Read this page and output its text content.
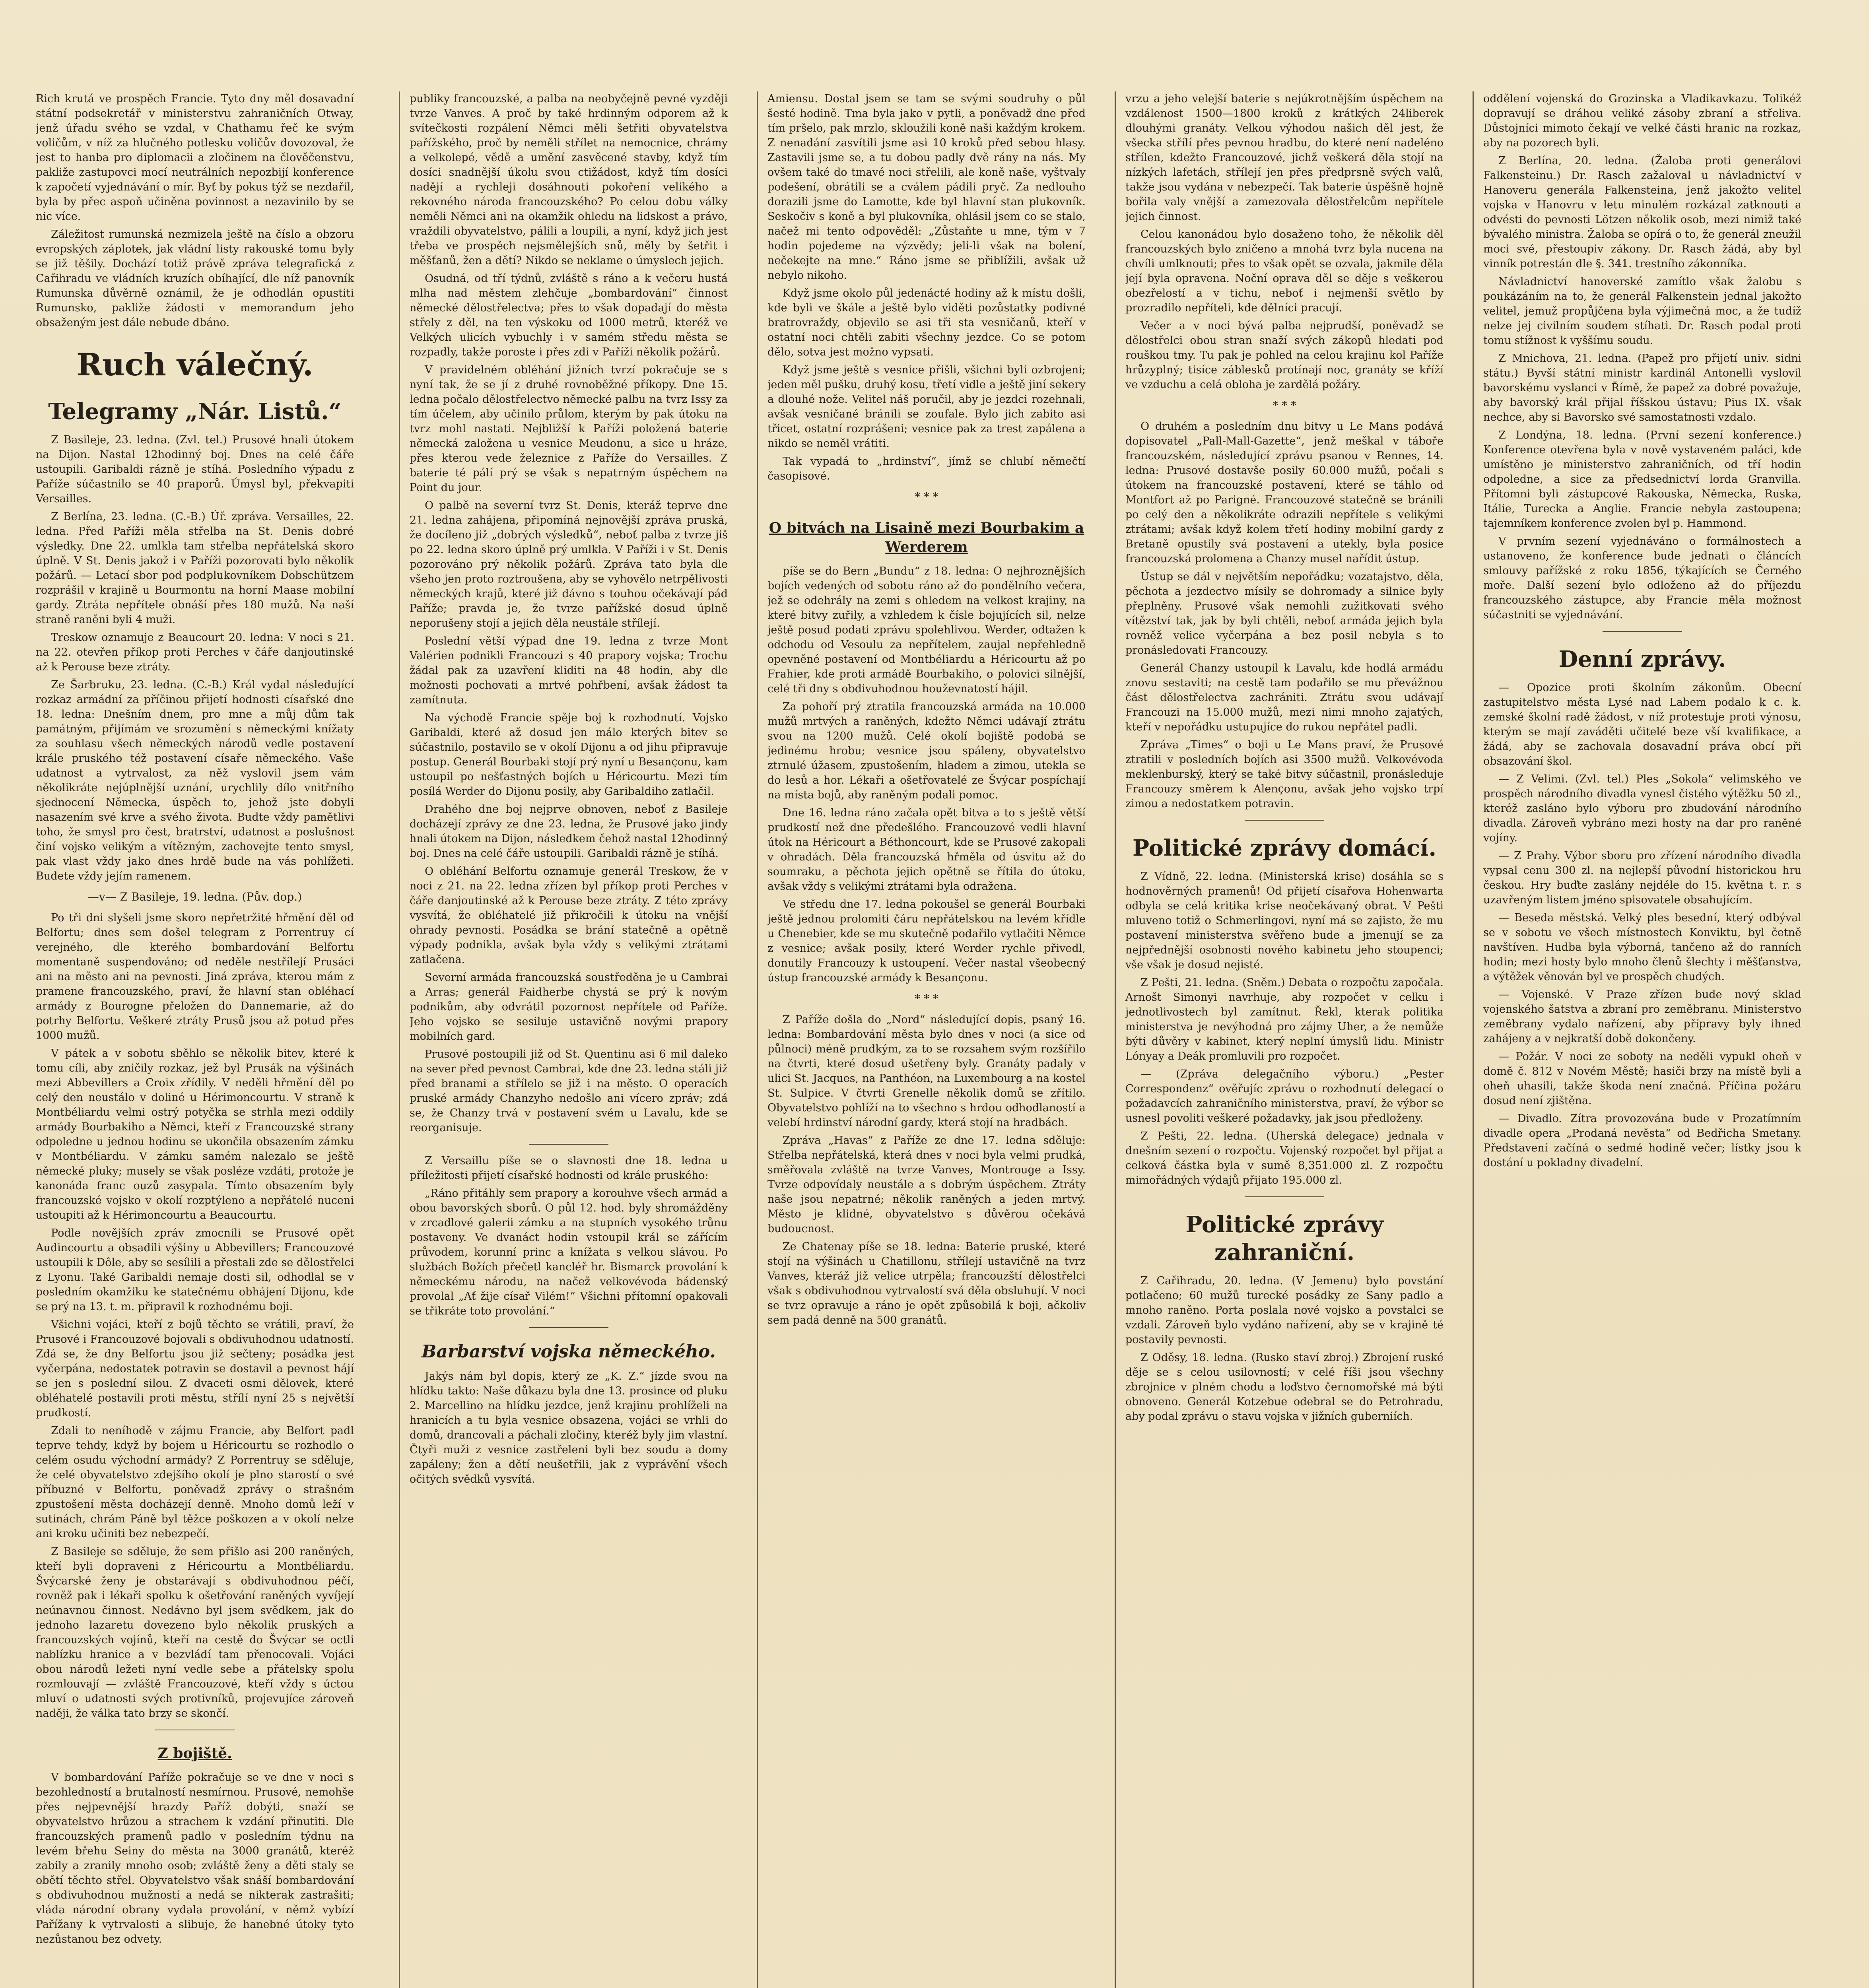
Rich krutá ve prospěch Francie. Tyto dny měl dosavadní státní podsekretář v ministerstvu zahraničních Otway, jenž úřadu svého se vzdal, v Chathamu řeč ke svým voličům, v níž za hlučného potlesku voličův dovozoval, že jest to hanba pro diplomacii a zločinem na člověčenstvu, pakliže zastupovci mocí neutrálních nepozbijí konference k započetí vyjednávání o mír. Byť by pokus týž se nezdařil, byla by přec aspoň učiněna povinnost a nezavinilo by se nic více.

Záležitost rumunská nezmizela ještě na číslo a obzoru evropských záplotek, jak vládní listy rakouské tomu byly se již těšily. Dochází totiž právě zpráva telegrafická z Cařihradu ve vládních kruzích obíhající, dle níž panovník Rumunska důvěrně oznámil, že je odhodlán opustiti Rumunsko, pakliže žádosti v memorandum jeho obsaženým jest dále nebude dbáno.

Ruch válečný.
Telegramy „Nár. Listů.“

Z Basileje, 23. ledna. (Zvl. tel.) Prusové hnali útokem na Dijon. Nastal 12hodinný boj. Dnes na celé čáře ustoupili. Garibaldi rázně je stíhá. Posledního výpadu z Paříže súčastnilo se 40 praporů. Úmysl byl, překvapiti Versailles.

Z Berlína, 23. ledna. (C.-B.) Úř. zpráva. Versailles, 22. ledna. Před Paříži měla střelba na St. Denis dobré výsledky. Dne 22. umlkla tam střelba nepřátelská skoro úplně. V St. Denis jakož i v Paříži pozorovati bylo několik požárů. — Letací sbor pod podplukovníkem Dobschützem rozprášil v krajině u Bourmontu na horní Maase mobilní gardy. Ztráta nepřítele obnáší přes 180 mužů. Na naší straně raněni byli 4 muži.

Treskow oznamuje z Beaucourt 20. ledna: V noci s 21. na 22. otevřen příkop proti Perches v čáře danjoutinské až k Perouse beze ztráty.

Ze Šarbruku, 23. ledna. (C.-B.) Král vydal následující rozkaz armádní za příčinou přijetí hodnosti císařské dne 18. ledna: Dnešním dnem, pro mne a můj dům tak památným, přijímám ve srozumění s německými knížaty za souhlasu všech německých národů vedle postavení krále pruského též postavení císaře německého. Vaše udatnost a vytrvalost, za něž vyslovil jsem vám několikráte nejúplnější uznání, urychlily dílo vnitřního sjednocení Německa, úspěch to, jehož jste dobyli nasazením své krve a svého života. Budte vždy pamětlivi toho, že smysl pro čest, bratrství, udatnost a poslušnost činí vojsko velikým a vítězným, zachovejte tento smysl, pak vlast vždy jako dnes hrdě bude na vás pohlížeti. Budete vždy jejím ramenem.

—v— Z Basileje, 19. ledna. (Pův. dop.)

Po tři dni slyšeli jsme skoro nepřetržité hřmění děl od Belfortu; dnes sem došel telegram z Porrentruy cí verejného, dle kterého bombardování Belfortu momentaně suspendováno; od neděle nestřílejí Prusáci ani na město ani na pevnosti. Jiná zpráva, kterou mám z pramene francouzského, praví, že hlavní stan obléhací armády z Bourogne přeložen do Dannemarie, až do potrhy Belfortu. Veškeré ztráty Prusů jsou až potud přes 1000 mužů.

V pátek a v sobotu sběhlo se několik bitev, které k tomu cíli, aby zničily rozkaz, jež byl Prusák na výšinách mezi Abbevillers a Croix zřídily. V neděli hřmění děl po celý den neustálo v doliné u Hérimoncourtu. V straně k Montbéliardu velmi ostrý potyčka se strhla mezi oddily armády Bourbakiho a Němci, kteří z Francouzské strany odpoledne u jednou hodinu se ukončila obsazením zámku v Montbéliardu. V zámku samém nalezalo se ještě německé pluky; musely se však posléze vzdáti, protože je kanonáda franc ouzů zasypala. Tímto obsazením byly francouzské vojsko v okolí rozptýleno a nepřátelé nuceni ustoupiti až k Hérimoncourtu a Beaucourtu.

Podle novějších zpráv zmocnili se Prusové opět Audincourtu a obsadili výšiny u Abbevillers; Francouzové ustoupili k Dôle, aby se sesílili a přestali zde se dělostřelci z Lyonu. Také Garibaldi nemaje dosti sil, odhodlal se v posledním okamžiku ke statečnému obhájení Dijonu, kde se prý na 13. t. m. připravil k rozhodnému boji.

Všichni vojáci, kteří z bojů těchto se vrátili, praví, že Prusové i Francouzové bojovali s obdivuhodnou udatností. Zdá se, že dny Belfortu jsou již sečteny; posádka jest vyčerpána, nedostatek potravin se dostavil a pevnost hájí se jen s poslední silou. Z dvaceti osmi dělovek, které obléhatelé postavili proti městu, střílí nyní 25 s největší prudkostí.

Zdali to neníhodě v zájmu Francie, aby Belfort padl teprve tehdy, když by bojem u Héricourtu se rozhodlo o celém osudu východní armády? Z Porrentruy se sděluje, že celé obyvatelstvo zdejšího okolí je plno starostí o své příbuzné v Belfortu, poněvadž zprávy o strašném zpustošení města docházejí denně. Mnoho domů leží v sutinách, chrám Páně byl těžce poškozen a v okolí nelze ani kroku učiniti bez nebezpečí.

Z Basileje se sděluje, že sem přišlo asi 200 raněných, kteří byli dopraveni z Héricourtu a Montbéliardu. Švýcarské ženy je obstarávají s obdivuhodnou péčí, rovněž pak i lékaři spolku k ošetřování raněných vyvíjejí neúnavnou činnost. Nedávno byl jsem svědkem, jak do jednoho lazaretu dovezeno bylo několik pruských a francouzských vojínů, kteří na cestě do Švýcar se octli nablízku hranice a v bezvládí tam přenocovali. Vojáci obou národů ležeti nyní vedle sebe a přátelsky spolu rozmlouvají — zvláště Francouzové, kteří vždy s úctou mluví o udatnosti svých protivníků, projevujíce zároveň naději, že válka tato brzy se skončí.

Z bojiště.

V bombardování Paříže pokračuje se ve dne v noci s bezohledností a brutalností nesmírnou. Prusové, nemohše přes nejpevnější hrazdy Paříž dobýti, snaží se obyvatelstvo hrůzou a strachem k vzdání přinutiti. Dle francouzských pramenů padlo v posledním týdnu na levém břehu Seiny do města na 3000 granátů, kteréž zabily a zranily mnoho osob; zvláště ženy a děti staly se obětí těchto střel. Obyvatelstvo však snáší bombardování s obdivuhodnou mužností a nedá se nikterak zastrašiti; vláda národní obrany vydala provolání, v němž vybízí Pařížany k vytrvalosti a slibuje, že hanebné útoky tyto nezůstanou bez odvety.

publiky francouzské, a palba na neobyčejně pevné vyzději tvrze Vanves. A proč by také hrdinným odporem až k svítečkosti rozpálení Němci měli šetřiti obyvatelstva pařížského, proč by neměli střílet na nemocnice, chrámy a velkolepé, vědě a umění zasvěcené stavby, když tím dosíci snadnější úkolu svou ctižádost, když tím dosíci nadějí a rychleji dosáhnouti pokoření velikého a rekovného národa francouzského? Po celou dobu války neměli Němci ani na okamžik ohledu na lidskost a právo, vraždili obyvatelstvo, pálili a loupili, a nyní, když jich jest třeba ve prospěch nejsmělejších snů, měly by šetřit i měšťanů, žen a dětí? Nikdo se neklame o úmyslech jejich.

Osudná, od tří týdnů, zvláště s ráno a k večeru hustá mlha nad městem zlehčuje „bombardování“ činnost německé dělostřelectva; přes to však dopadají do města střely z děl, na ten výskoku od 1000 metrů, kteréž ve Velkých ulicích vybuchly i v samém středu města se rozpadly, takže poroste i přes zdi v Paříži několik požárů.

V pravidelném obléhání jižních tvrzí pokračuje se s nyní tak, že se jí z druhé rovnoběžné příkopy. Dne 15. ledna počalo dělostřelectvo německé palbu na tvrz Issy za tím účelem, aby učinilo průlom, kterým by pak útoku na tvrz mohl nastati. Nejbližší k Paříži položená baterie německá založena u vesnice Meudonu, a sice u hráze, přes kterou vede železnice z Paříže do Versailles. Z baterie té pálí prý se však s nepatrným úspěchem na Point du jour.

O palbě na severní tvrz St. Denis, kteráž teprve dne 21. ledna zahájena, připomíná nejnovější zpráva pruská, že docíleno již „dobrých výsledků“, neboť palba z tvrze jiš po 22. ledna skoro úplně prý umlkla. V Paříži i v St. Denis pozorováno prý několik požárů. Zpráva tato byla dle všeho jen proto roztroušena, aby se vyhovělo netrpělivosti německých krajů, které již dávno s touhou očekávají pád Paříže; pravda je, že tvrze pařížské dosud úplně neporušeny stojí a jejich děla neustále střílejí.

Poslední větší výpad dne 19. ledna z tvrze Mont Valérien podnikli Francouzi s 40 prapory vojska; Trochu žádal pak za uzavření kliditi na 48 hodin, aby dle možnosti pochovati a mrtvé pohřbení, avšak žádost ta zamítnuta.

Na východě Francie spěje boj k rozhodnutí. Vojsko Garibaldi, které až dosud jen málo kterých bitev se súčastnilo, postavilo se v okolí Dijonu a od jihu připravuje postup. Generál Bourbaki stojí prý nyní u Besançonu, kam ustoupil po nešťastných bojích u Héricourtu. Mezi tím posílá Werder do Dijonu posily, aby Garibaldiho zatlačil.

Drahého dne boj nejprve obnoven, neboť z Basileje docházejí zprávy ze dne 23. ledna, že Prusové jako jindy hnali útokem na Dijon, následkem čehož nastal 12hodinný boj. Dnes na celé čáře ustoupili. Garibaldi rázně je stíhá.

O obléhání Belfortu oznamuje generál Treskow, že v noci z 21. na 22. ledna zřízen byl příkop proti Perches v čáře danjoutinské až k Perouse beze ztráty. Z této zprávy vysvítá, že obléhatelé již přikročili k útoku na vnější ohrady pevnosti. Posádka se brání statečně a opětně výpady podnikla, avšak byla vždy s velikými ztrátami zatlačena.

Severní armáda francouzská soustředěna je u Cambrai a Arras; generál Faidherbe chystá se prý k novým podnikům, aby odvrátil pozornost nepřítele od Paříže. Jeho vojsko se sesiluje ustavičně novými prapory mobilních gard.

Prusové postoupili již od St. Quentinu asi 6 mil daleko na sever před pevnost Cambrai, kde dne 23. ledna stáli již před branami a střílelo se již i na město. O operacích pruské armády Chanzyho nedošlo ani vícero zpráv; zdá se, že Chanzy trvá v postavení svém u Lavalu, kde se reorganisuje.

Z Versaillu píše se o slavnosti dne 18. ledna u příležitosti přijetí císařské hodnosti od krále pruského:

„Ráno přitáhly sem prapory a korouhve všech armád a obou bavorských sborů. O půl 12. hod. byly shromážděny v zrcadlové galerii zámku a na stupních vysokého trůnu postaveny. Ve dvanáct hodin vstoupil král se zářícím průvodem, korunní princ a knížata s velkou slávou. Po službách Božích přečetl kancléř hr. Bismarck provolání k německému národu, na načež velkovévoda bádenský provolal „Ať žije císař Vilém!“ Všichni přítomní opakovali se třikráte toto provolání.“

Barbarství vojska německého.

Jakýs nám byl dopis, který ze „K. Z.“ jízde svou na hlídku takto: Naše důkazu byla dne 13. prosince od pluku 2. Marcellino na hlídku jezdce, jenž krajinu prohlíželi na hranicích a tu byla vesnice obsazena, vojáci se vrhli do domů, drancovali a páchali zločiny, kteréž byly jim vlastní. Čtyři muži z vesnice zastřeleni byli bez soudu a domy zapáleny; žen a dětí neušetřili, jak z vyprávění všech očitých svědků vysvítá.

Amiensu. Dostal jsem se tam se svými soudruhy o půl šesté hodině. Tma byla jako v pytli, a poněvadž dne před tím pršelo, pak mrzlo, skloužili koně naši každým krokem. Z nenadání zasvítili jsme asi 10 kroků před sebou hlasy. Zastavili jsme se, a tu dobou padly dvě rány na nás. My ovšem také do tmavé noci střelili, ale koně naše, vyštvaly podešení, obrátili se a cválem pádili pryč. Za nedlouho dorazili jsme do Lamotte, kde byl hlavní stan plukovník. Seskočiv s koně a byl plukovníka, ohlásil jsem co se stalo, načež mi tento odpověděl: „Zůstaňte u mne, tým v 7 hodin pojedeme na výzvědy; jeli-li však na bolení, nečekejte na mne.“ Ráno jsme se přiblížili, avšak už nebylo nikoho.

Když jsme okolo půl jedenácté hodiny až k místu došli, kde byli ve škále a ještě bylo viděti pozůstatky podivné bratrovraždy, objevilo se asi tři sta vesničanů, kteří v ostatní noci chtěli zabiti všechny jezdce. Co se potom dělo, sotva jest možno vypsati.

Když jsme ještě s vesnice přišli, všichni byli ozbrojeni; jeden měl pušku, druhý kosu, třetí vidle a ještě jiní sekery a dlouhé nože. Velitel náš poručil, aby je jezdci rozehnali, avšak vesničané bránili se zoufale. Bylo jich zabito asi třicet, ostatní rozprášeni; vesnice pak za trest zapálena a nikdo se neměl vrátiti.

Tak vypadá to „hrdinství“, jímž se chlubí němečtí časopisové.

* * *
O bitvách na Lisaině mezi Bourbakim a Werderem

píše se do Bern „Bundu“ z 18. ledna: O nejhroznějších bojích vedených od sobotu ráno až do pondělního večera, jež se odehrály na zemi s ohledem na velkost krajiny, na které bitvy zuřily, a vzhledem k čísle bojujících sil, nelze ještě posud podati zprávu spolehlivou. Werder, odtažen k odchodu od Vesoulu za nepřítelem, zaujal nepřehledně opevněné postavení od Montbéliardu a Héricourtu až po Frahier, kde proti armádě Bourbakiho, o polovici silnější, celé tři dny s obdivuhodnou houževnatostí hájil.

Za pohoří prý ztratila francouzská armáda na 10.000 mužů mrtvých a raněných, kdežto Němci udávají ztrátu svou na 1200 mužů. Celé okolí bojiště podobá se jedinému hrobu; vesnice jsou spáleny, obyvatelstvo ztrnulé úžasem, zpustošením, hladem a zimou, utekla se do lesů a hor. Lékaři a ošetřovatelé ze Švýcar pospíchají na místa bojů, aby raněným podali pomoc.

Dne 16. ledna ráno začala opět bitva a to s ještě větší prudkostí než dne předešlého. Francouzové vedli hlavní útok na Héricourt a Béthoncourt, kde se Prusové zakopali v ohradách. Děla francouzská hřměla od úsvitu až do soumraku, a pěchota jejich opětně se řítila do útoku, avšak vždy s velikými ztrátami byla odražena.

Ve středu dne 17. ledna pokoušel se generál Bourbaki ještě jednou prolomiti čáru nepřátelskou na levém křídle u Chenebier, kde se mu skutečně podařilo vytlačiti Němce z vesnice; avšak posily, které Werder rychle přivedl, donutily Francouzy k ustoupení. Večer nastal všeobecný ústup francouzské armády k Besançonu.

* * *

Z Paříže došla do „Nord“ následující dopis, psaný 16. ledna: Bombardování města bylo dnes v noci (a sice od půlnoci) méně prudkým, za to se rozsahem svým rozšířilo na čtvrti, které dosud ušetřeny byly. Granáty padaly v ulici St. Jacques, na Panthéon, na Luxembourg a na kostel St. Sulpice. V čtvrti Grenelle několik domů se zřítilo. Obyvatelstvo pohlíží na to všechno s hrdou odhodlaností a velebí hrdinství národní gardy, která stojí na hradbách.

Zpráva „Havas“ z Paříže ze dne 17. ledna sděluje: Střelba nepřátelská, která dnes v noci byla velmi prudká, směřovala zvláště na tvrze Vanves, Montrouge a Issy. Tvrze odpovídaly neustále a s dobrým úspěchem. Ztráty naše jsou nepatrné; několik raněných a jeden mrtvý. Město je klidné, obyvatelstvo s důvěrou očekává budoucnost.

Ze Chatenay píše se 18. ledna: Baterie pruské, které stojí na výšinách u Chatillonu, střílejí ustavičně na tvrz Vanves, kteráž již velice utrpěla; francouzští dělostřelci však s obdivuhodnou vytrvalostí svá děla obsluhují. V noci se tvrz opravuje a ráno je opět způsobilá k boji, ačkoliv sem padá denně na 500 granátů.

vrzu a jeho velejší baterie s nejúkrotnějším úspěchem na vzdálenost 1500—1800 kroků z krátkých 24liberek dlouhými granáty. Velkou výhodou našich děl jest, že všecka střílí přes pevnou hradbu, do které není nadeléno střílen, kdežto Francouzové, jichž veškerá děla stojí na nízkých lafetách, střílejí jen přes předprsně svých valů, takže jsou vydána v nebezpečí. Tak baterie úspěšně hojně bořila valy vnější a zamezovala dělostřelcům nepřítele jejich činnost.

Celou kanonádou bylo dosaženo toho, že několik děl francouzských bylo zničeno a mnohá tvrz byla nucena na chvíli umlknouti; přes to však opět se ozvala, jakmile děla její byla opravena. Noční oprava děl se děje s veškerou obezřelostí a v tichu, neboť i nejmenší světlo by prozradilo nepříteli, kde dělníci pracují.

Večer a v noci bývá palba nejprudší, poněvadž se dělostřelci obou stran snaží svých zákopů hledati pod rouškou tmy. Tu pak je pohled na celou krajinu kol Paříže hrůzyplný; tisíce záblesků protínají noc, granáty se kříží ve vzduchu a celá obloha je zardělá požáry.

* * *

O druhém a posledním dnu bitvy u Le Mans podává dopisovatel „Pall-Mall-Gazette“, jenž meškal v táboře francouzském, následující zprávu psanou v Rennes, 14. ledna: Prusové dostavše posily 60.000 mužů, počali s útokem na francouzské postavení, které se táhlo od Montfort až po Parigné. Francouzové statečně se bránili po celý den a několikráte odrazili nepřítele s velikými ztrátami; avšak když kolem třetí hodiny mobilní gardy z Bretaně opustily svá postavení a utekly, byla posice francouzská prolomena a Chanzy musel nařídit ústup.

Ústup se dál v největším nepořádku; vozatajstvo, děla, pěchota a jezdectvo mísily se dohromady a silnice byly přeplněny. Prusové však nemohli zužitkovati svého vítězství tak, jak by byli chtěli, neboť armáda jejich byla rovněž velice vyčerpána a bez posil nebyla s to pronásledovati Francouzy.

Generál Chanzy ustoupil k Lavalu, kde hodlá armádu znovu sestaviti; na cestě tam podařilo se mu převážnou část dělostřelectva zachrániti. Ztrátu svou udávají Francouzi na 15.000 mužů, mezi nimi mnoho zajatých, kteří v nepořádku ustupujíce do rukou nepřátel padli.

Zpráva „Times“ o boji u Le Mans praví, že Prusové ztratili v posledních bojích asi 3500 mužů. Velkovévoda meklenburský, který se také bitvy súčastnil, pronásleduje Francouzy směrem k Alençonu, avšak jeho vojsko trpí zimou a nedostatkem potravin.

Politické zprávy domácí.

Z Vídně, 22. ledna. (Ministerská krise) dosáhla se s hodnověrných pramenů! Od přijetí císařova Hohenwarta odbyla se celá kritika krise neočekávaný obrat. V Pešti mluveno totiž o Schmerlingovi, nyní má se zajisto, že mu postavení ministerstva svěřeno bude a jmenují se za nejpřednější osobnosti nového kabinetu jeho stoupenci; vše však je dosud nejisté.

Z Pešti, 21. ledna. (Sněm.) Debata o rozpočtu započala. Arnošt Simonyi navrhuje, aby rozpočet v celku i jednotlivostech byl zamítnut. Řekl, kterak politika ministerstva je nevýhodná pro zájmy Uher, a že nemůže býti důvěry v kabinet, který neplní úmyslů lidu. Ministr Lónyay a Deák promluvili pro rozpočet.

— (Zpráva delegačního výboru.) „Pester Correspondenz“ ověřujíc zprávu o rozhodnutí delegací o požadavcích zahraničního ministerstva, praví, že výbor se usnesl povoliti veškeré požadavky, jak jsou předloženy.

Z Pešti, 22. ledna. (Uherská delegace) jednala v dnešním sezení o rozpočtu. Vojenský rozpočet byl přijat a celková částka byla v sumě 8,351.000 zl. Z rozpočtu mimořádných výdajů přijato 195.000 zl.

Politické zprávy zahraniční.

Z Cařihradu, 20. ledna. (V Jemenu) bylo povstání potlačeno; 60 mužů turecké posádky ze Sany padlo a mnoho raněno. Porta poslala nové vojsko a povstalci se vzdali. Zároveň bylo vydáno nařízení, aby se v krajině té postavily pevnosti.

Z Oděsy, 18. ledna. (Rusko staví zbroj.) Zbrojení ruské děje se s celou usilovností; v celé říši jsou všechny zbrojnice v plném chodu a loďstvo černomořské má býti obnoveno. Generál Kotzebue odebral se do Petrohradu, aby podal zprávu o stavu vojska v jižních guberniích.

oddělení vojenská do Grozinska a Vladikavkazu. Tolikéž dopravují se dráhou veliké zásoby zbraní a střeliva. Důstojníci mimoto čekají ve velké části hranic na rozkaz, aby na pozorech byli.

Z Berlína, 20. ledna. (Žaloba proti generálovi Falkensteinu.) Dr. Rasch zažaloval u návladnictví v Hanoveru generála Falkensteina, jenž jakožto velitel vojska v Hanovru v letu minulém rozkázal zatknouti a odvésti do pevnosti Lötzen několik osob, mezi nimiž také bývalého ministra. Žaloba se opírá o to, že generál zneužil moci své, přestoupiv zákony. Dr. Rasch žádá, aby byl vinník potrestán dle §. 341. trestního zákonníka.

Návladnictví hanoverské zamítlo však žalobu s poukázáním na to, že generál Falkenstein jednal jakožto velitel, jemuž propůjčena byla výjimečná moc, a že tudíž nelze jej civilním soudem stíhati. Dr. Rasch podal proti tomu stížnost k vyššímu soudu.

Z Mnichova, 21. ledna. (Papež pro přijetí univ. sidni státu.) Byvší státní ministr kardinál Antonelli vyslovil bavorskému vyslanci v Římě, že papež za dobré považuje, aby bavorský král přijal říšskou ústavu; Pius IX. však nechce, aby si Bavorsko své samostatnosti vzdalo.

Z Londýna, 18. ledna. (První sezení konference.) Konference otevřena byla v nově vystaveném paláci, kde umístěno je ministerstvo zahraničních, od tří hodin odpoledne, a sice za předsednictví lorda Granvilla. Přítomni byli zástupcové Rakouska, Německa, Ruska, Itálie, Turecka a Anglie. Francie nebyla zastoupena; tajemníkem konference zvolen byl p. Hammond.

V prvním sezení vyjednáváno o formálnostech a ustanoveno, že konference bude jednati o článcích smlouvy pařížské z roku 1856, týkajících se Černého moře. Další sezení bylo odloženo až do příjezdu francouzského zástupce, aby Francie měla možnost súčastniti se vyjednávání.

Denní zprávy.

— Opozice proti školním zákonům. Obecní zastupitelstvo města Lysé nad Labem podalo k c. k. zemské školní radě žádost, v níž protestuje proti výnosu, kterým se mají zaváděti učitelé beze vší kvalifikace, a žádá, aby se zachovala dosavadní práva obcí při obsazování škol.

— Z Velimi. (Zvl. tel.) Ples „Sokola“ velimského ve prospěch národního divadla vynesl čistého výtěžku 50 zl., kteréž zasláno bylo výboru pro zbudování národního divadla. Zároveň vybráno mezi hosty na dar pro raněné vojíny.

— Z Prahy. Výbor sboru pro zřízení národního divadla vypsal cenu 300 zl. na nejlepší původní historickou hru českou. Hry buďte zaslány nejdéle do 15. května t. r. s uzavřeným listem jméno spisovatele obsahujícím.

— Beseda městská. Velký ples besední, který odbýval se v sobotu ve všech místnostech Konviktu, byl četně navštíven. Hudba byla výborná, tančeno až do ranních hodin; mezi hosty bylo mnoho členů šlechty i měšťanstva, a výtěžek věnován byl ve prospěch chudých.

— Vojenské. V Praze zřízen bude nový sklad vojenského šatstva a zbraní pro zeměbranu. Ministerstvo zeměbrany vydalo nařízení, aby přípravy byly ihned zahájeny a v nejkratší době dokončeny.

— Požár. V noci ze soboty na neděli vypukl oheň v domě č. 812 v Novém Městě; hasiči brzy na místě byli a oheň uhasili, takže škoda není značná. Příčina požáru dosud není zjištěna.

— Divadlo. Zítra provozována bude v Prozatímním divadle opera „Prodaná nevěsta“ od Bedřicha Smetany. Představení začíná o sedmé hodině večer; lístky jsou k dostání u pokladny divadelní.
